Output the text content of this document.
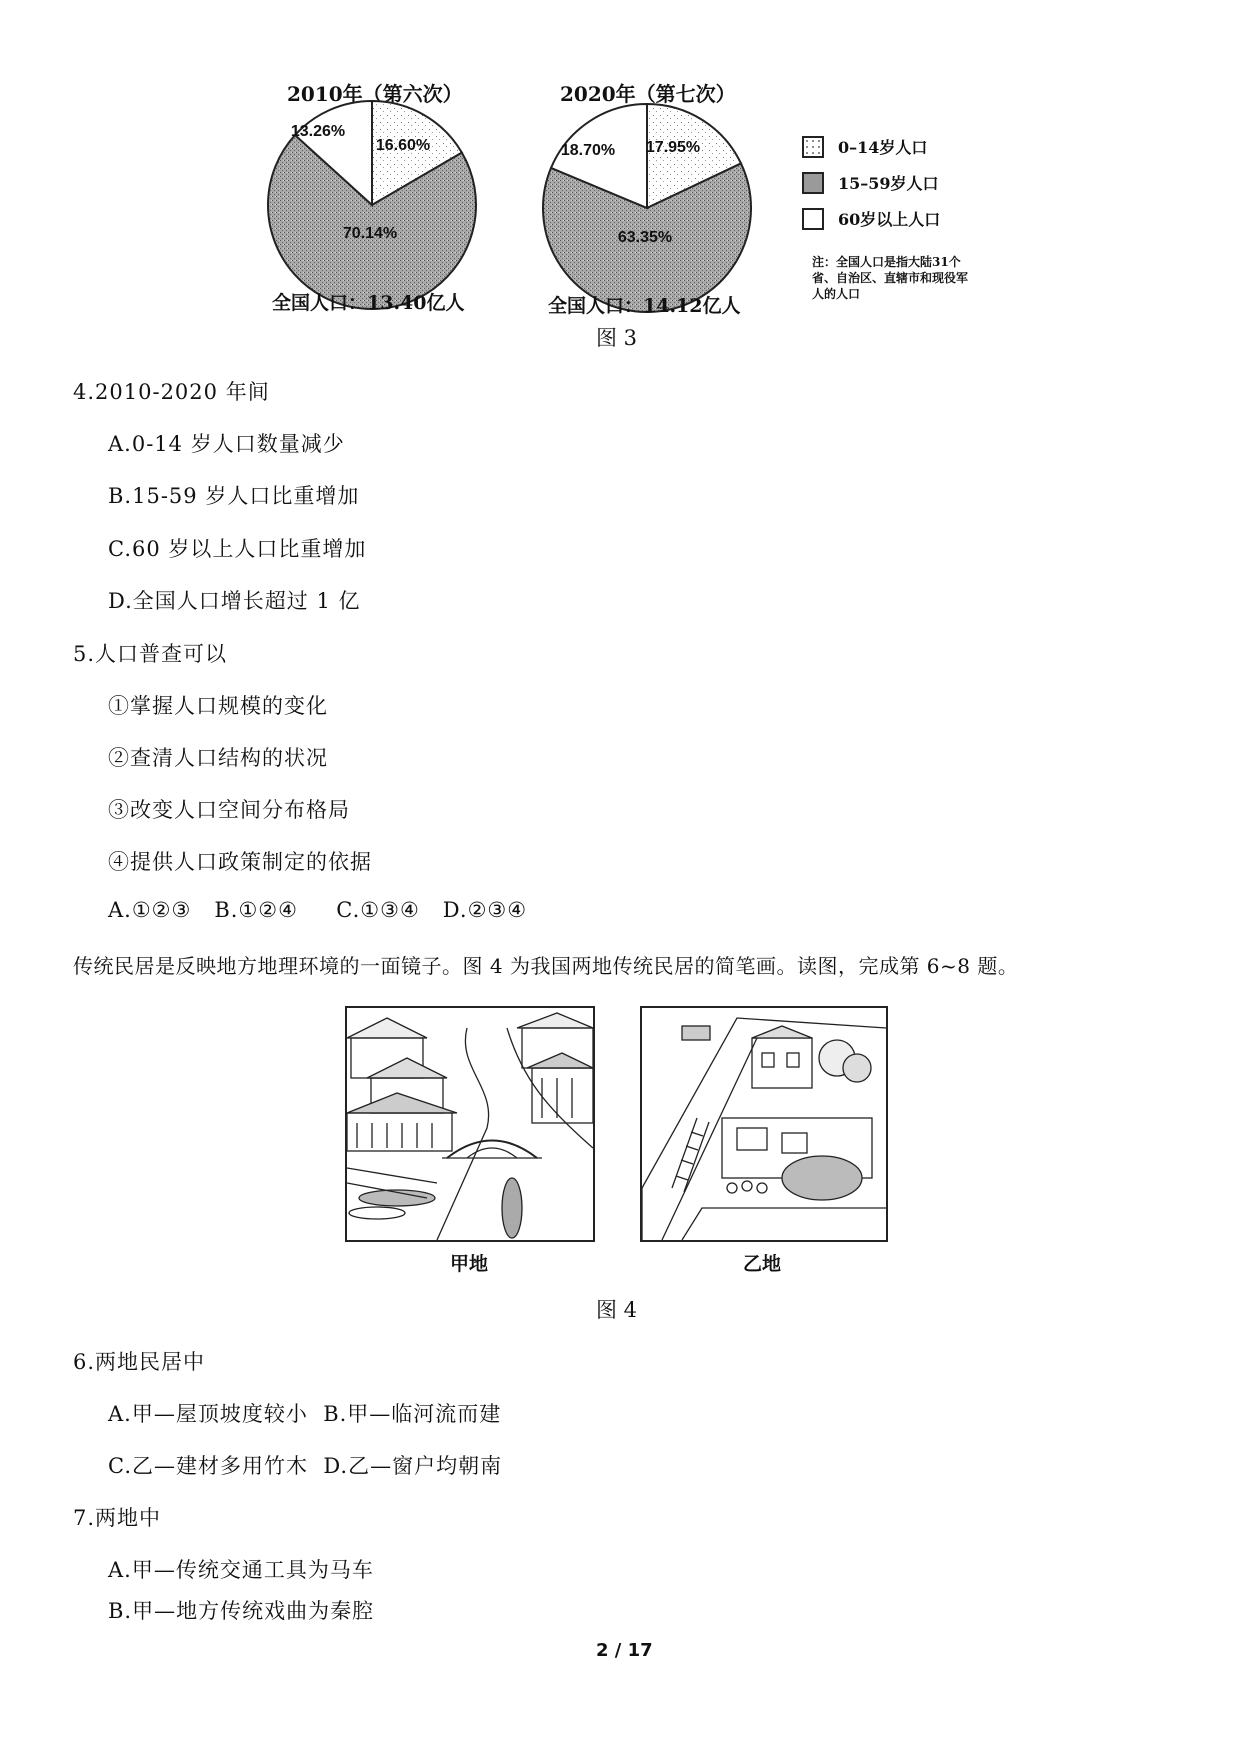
2010年（第六次）	2020年（第七次）
16.60%
70.14%
13.26%
17.95%
63.35%
18.70%
全国人口：13.40亿人	全国人口：14.12亿人
0–14岁人口
15–59岁人口
60岁以上人口
注：全国人口是指大陆31个省、自治区、直辖市和现役军人的人口
图 3
4.2010-2020 年间
A.0-14 岁人口数量减少
B.15-59 岁人口比重增加
C.60 岁以上人口比重增加
D.全国人口增长超过 1 亿
5.人口普查可以
①掌握人口规模的变化
②查清人口结构的状况
③改变人口空间分布格局
④提供人口政策制定的依据
A.①②③   B.①②④     C.①③④   D.②③④
传统民居是反映地方地理环境的一面镜子。图 4 为我国两地传统民居的简笔画。读图，完成第 6~8 题。
甲地	乙地
图 4
6.两地民居中
A.甲—屋顶坡度较小  B.甲—临河流而建
C.乙—建材多用竹木  D.乙—窗户均朝南
7.两地中
A.甲—传统交通工具为马车
B.甲—地方传统戏曲为秦腔
2 / 17
